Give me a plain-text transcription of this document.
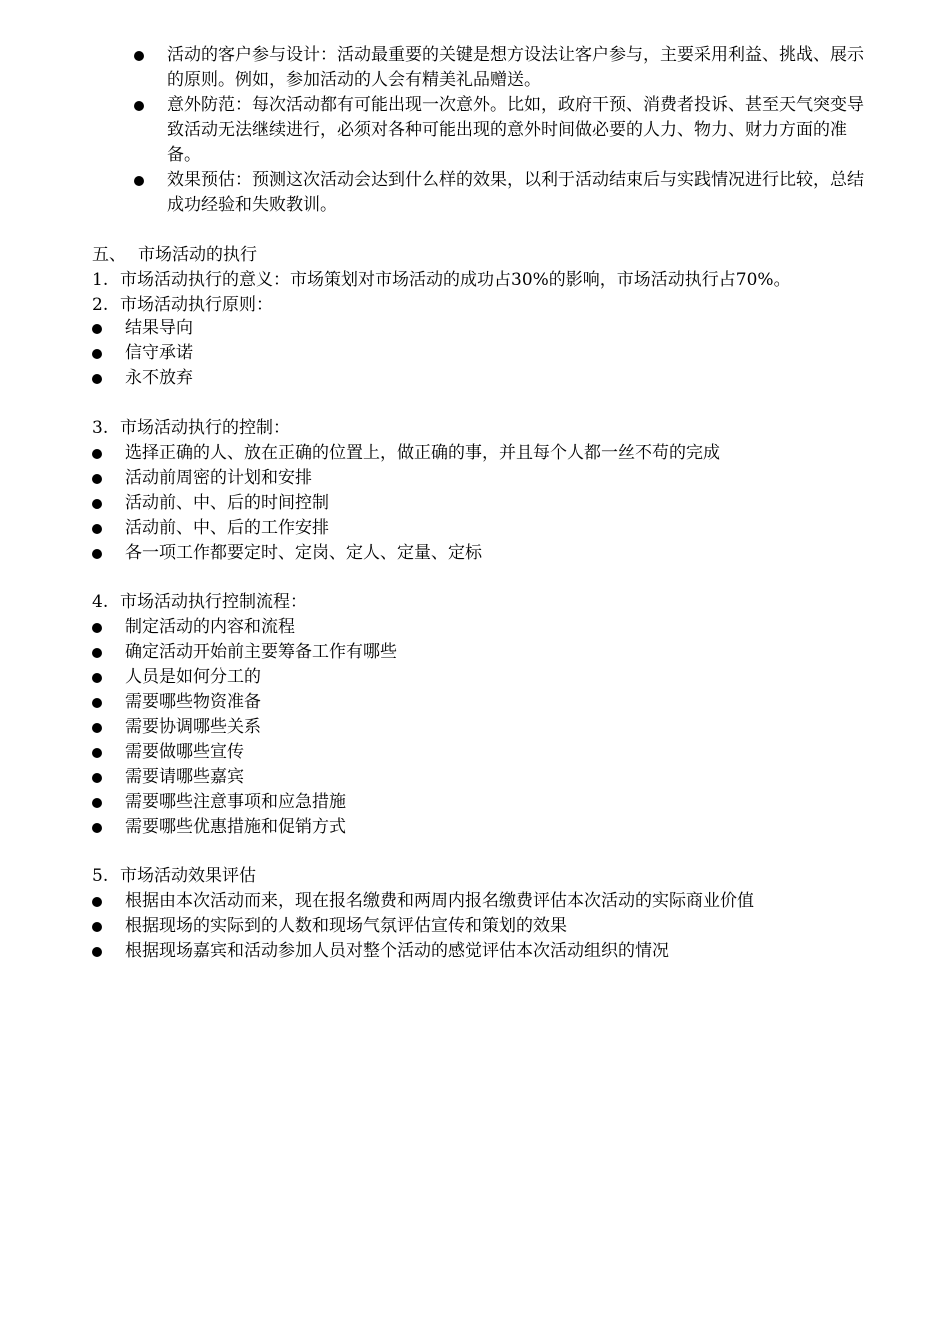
活动的客户参与设计：活动最重要的关键是想方设法让客户参与，主要采用利益、挑战、展示的原则。例如，参加活动的人会有精美礼品赠送。
意外防范：每次活动都有可能出现一次意外。比如，政府干预、消费者投诉、甚至天气突变导致活动无法继续进行，必须对各种可能出现的意外时间做必要的人力、物力、财力方面的准备。
效果预估：预测这次活动会达到什么样的效果，以利于活动结束后与实践情况进行比较，总结成功经验和失败教训。
五、 市场活动的执行
1. 市场活动执行的意义：市场策划对市场活动的成功占30%的影响，市场活动执行占70%。
2. 市场活动执行原则：
结果导向
信守承诺
永不放弃
3. 市场活动执行的控制：
选择正确的人、放在正确的位置上，做正确的事，并且每个人都一丝不苟的完成
活动前周密的计划和安排
活动前、中、后的时间控制
活动前、中、后的工作安排
各一项工作都要定时、定岗、定人、定量、定标
4. 市场活动执行控制流程：
制定活动的内容和流程
确定活动开始前主要筹备工作有哪些
人员是如何分工的
需要哪些物资准备
需要协调哪些关系
需要做哪些宣传
需要请哪些嘉宾
需要哪些注意事项和应急措施
需要哪些优惠措施和促销方式
5. 市场活动效果评估
根据由本次活动而来，现在报名缴费和两周内报名缴费评估本次活动的实际商业价值
根据现场的实际到的人数和现场气氛评估宣传和策划的效果
根据现场嘉宾和活动参加人员对整个活动的感觉评估本次活动组织的情况
